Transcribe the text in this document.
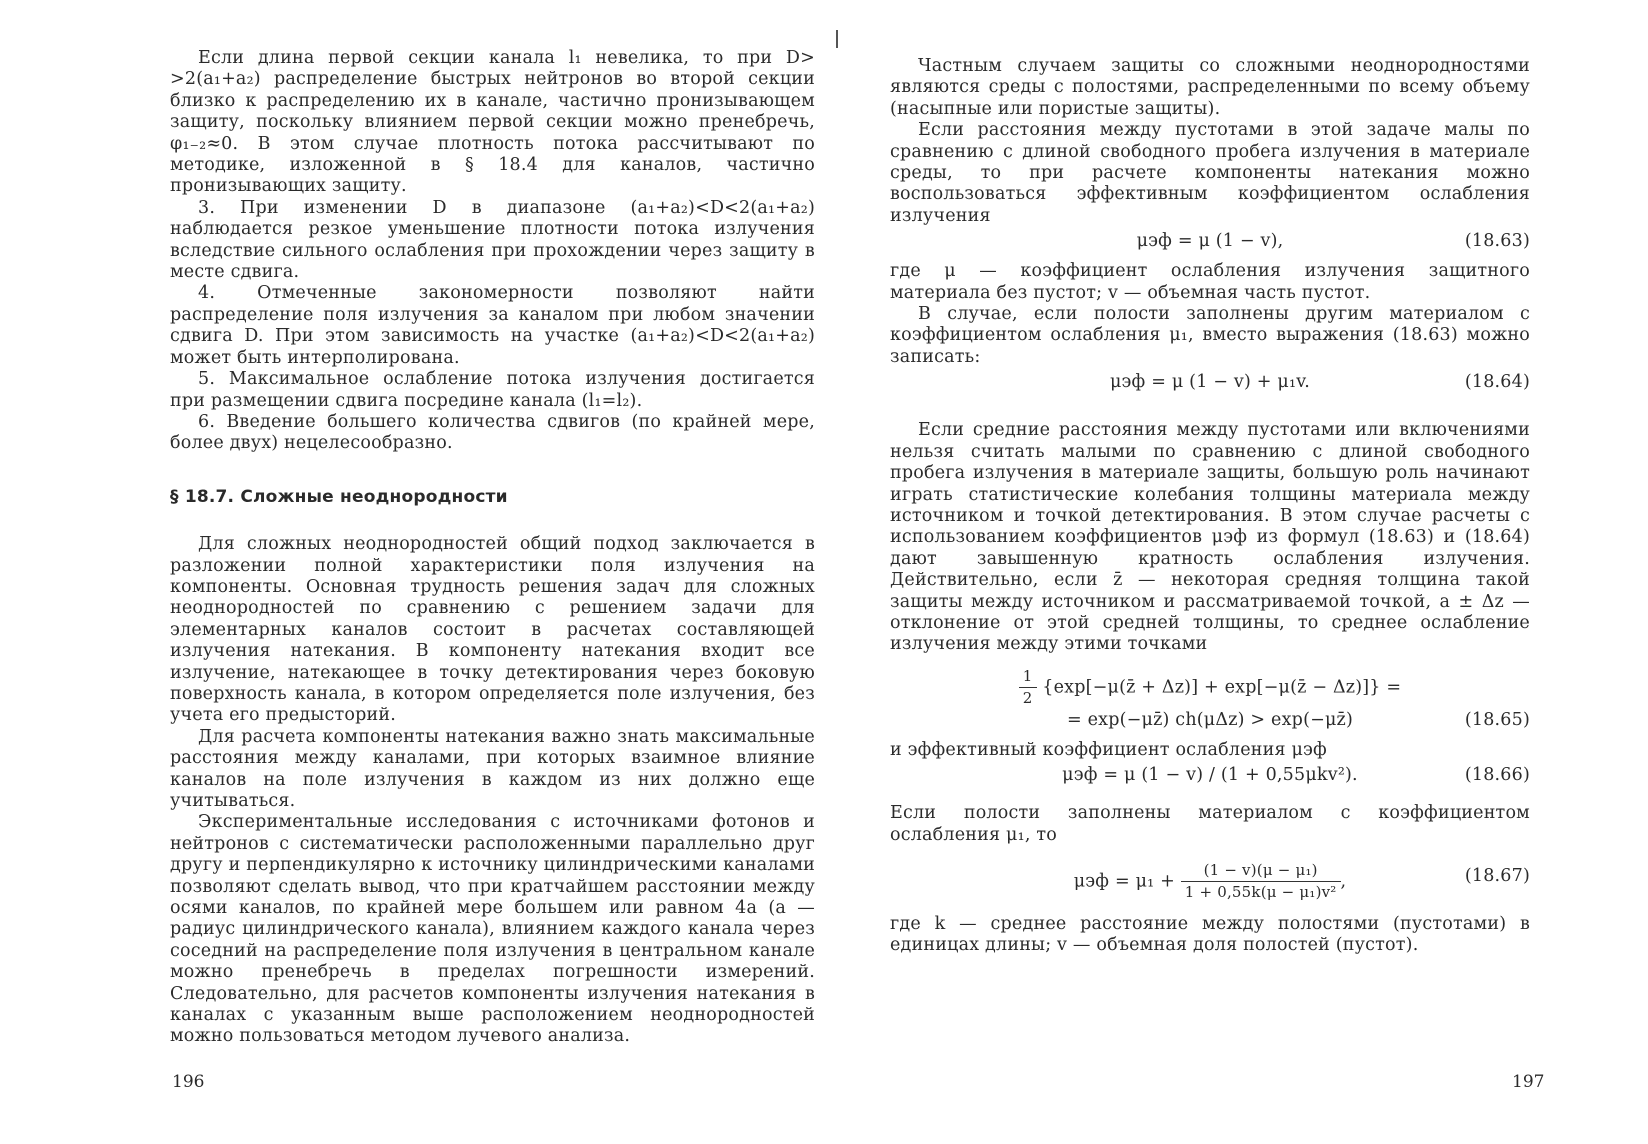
Если длина первой секции канала l₁ невелика, то при D> >2(a₁+a₂) распределение быстрых нейтронов во второй секции близко к распределению их в канале, частично пронизывающем защиту, поскольку влиянием первой секции можно пренебречь, φ₁₋₂≈0. В этом случае плотность потока рассчитывают по методике, изложенной в § 18.4 для каналов, частично пронизывающих защиту.

3. При изменении D в диапазоне (a₁+a₂)<D<2(a₁+a₂) наблюдается резкое уменьшение плотности потока излучения вследствие сильного ослабления при прохождении через защиту в месте сдвига.

4. Отмеченные закономерности позволяют найти распределение поля излучения за каналом при любом значении сдвига D. При этом зависимость на участке (a₁+a₂)<D<2(a₁+a₂) может быть интерполирована.

5. Максимальное ослабление потока излучения достигается при размещении сдвига посредине канала (l₁=l₂).

6. Введение большего количества сдвигов (по крайней мере, более двух) нецелесообразно.

§ 18.7. Сложные неоднородности

Для сложных неоднородностей общий подход заключается в разложении полной характеристики поля излучения на компоненты. Основная трудность решения задач для сложных неоднородностей по сравнению с решением задачи для элементарных каналов состоит в расчетах составляющей излучения натекания. В компоненту натекания входит все излучение, натекающее в точку детектирования через боковую поверхность канала, в котором определяется поле излучения, без учета его предысторий.

Для расчета компоненты натекания важно знать максимальные расстояния между каналами, при которых взаимное влияние каналов на поле излучения в каждом из них должно еще учитываться.

Экспериментальные исследования с источниками фотонов и нейтронов с систематически расположенными параллельно друг другу и перпендикулярно к источнику цилиндрическими каналами позволяют сделать вывод, что при кратчайшем расстоянии между осями каналов, по крайней мере большем или равном 4a (a — радиус цилиндрического канала), влиянием каждого канала через соседний на распределение поля излучения в центральном канале можно пренебречь в пределах погрешности измерений. Следовательно, для расчетов компоненты излучения натекания в каналах с указанным выше расположением неоднородностей можно пользоваться методом лучевого анализа.

196

Частным случаем защиты со сложными неоднородностями являются среды с полостями, распределенными по всему объему (насыпные или пористые защиты).

Если расстояния между пустотами в этой задаче малы по сравнению с длиной свободного пробега излучения в материале среды, то при расчете компоненты натекания можно воспользоваться эффективным коэффициентом ослабления излучения

μэф = μ (1 − v),	(18.63)

где μ — коэффициент ослабления излучения защитного материала без пустот; v — объемная часть пустот.

В случае, если полости заполнены другим материалом с коэффициентом ослабления μ₁, вместо выражения (18.63) можно записать:

μэф = μ (1 − v) + μ₁v.	(18.64)

Если средние расстояния между пустотами или включениями нельзя считать малыми по сравнению с длиной свободного пробега излучения в материале защиты, большую роль начинают играть статистические колебания толщины материала между источником и точкой детектирования. В этом случае расчеты с использованием коэффициентов μэф из формул (18.63) и (18.64) дают завышенную кратность ослабления излучения. Действительно, если z̄ — некоторая средняя толщина такой защиты между источником и рассматриваемой точкой, a ± Δz — отклонение от этой средней толщины, то среднее ослабление излучения между этими точками

$\frac{1}{2}$ {exp[−μ(z̄ + Δz)] + exp[−μ(z̄ − Δz)]} =
= exp(−μz̄) ch(μΔz) > exp(−μz̄)	(18.65)

и эффективный коэффициент ослабления μэф

μэф = μ (1 − v) / (1 + 0,55μkv²).	(18.66)

Если полости заполнены материалом с коэффициентом ослабления μ₁, то

$\mu эф = \mu_1 + \frac{\text{(1 − v)(μ − μ₁)}}{\text{1 + 0,55k(μ − μ₁)v²}}$ ,	(18.67)

где k — среднее расстояние между полостями (пустотами) в единицах длины; v — объемная доля полостей (пустот).

197
